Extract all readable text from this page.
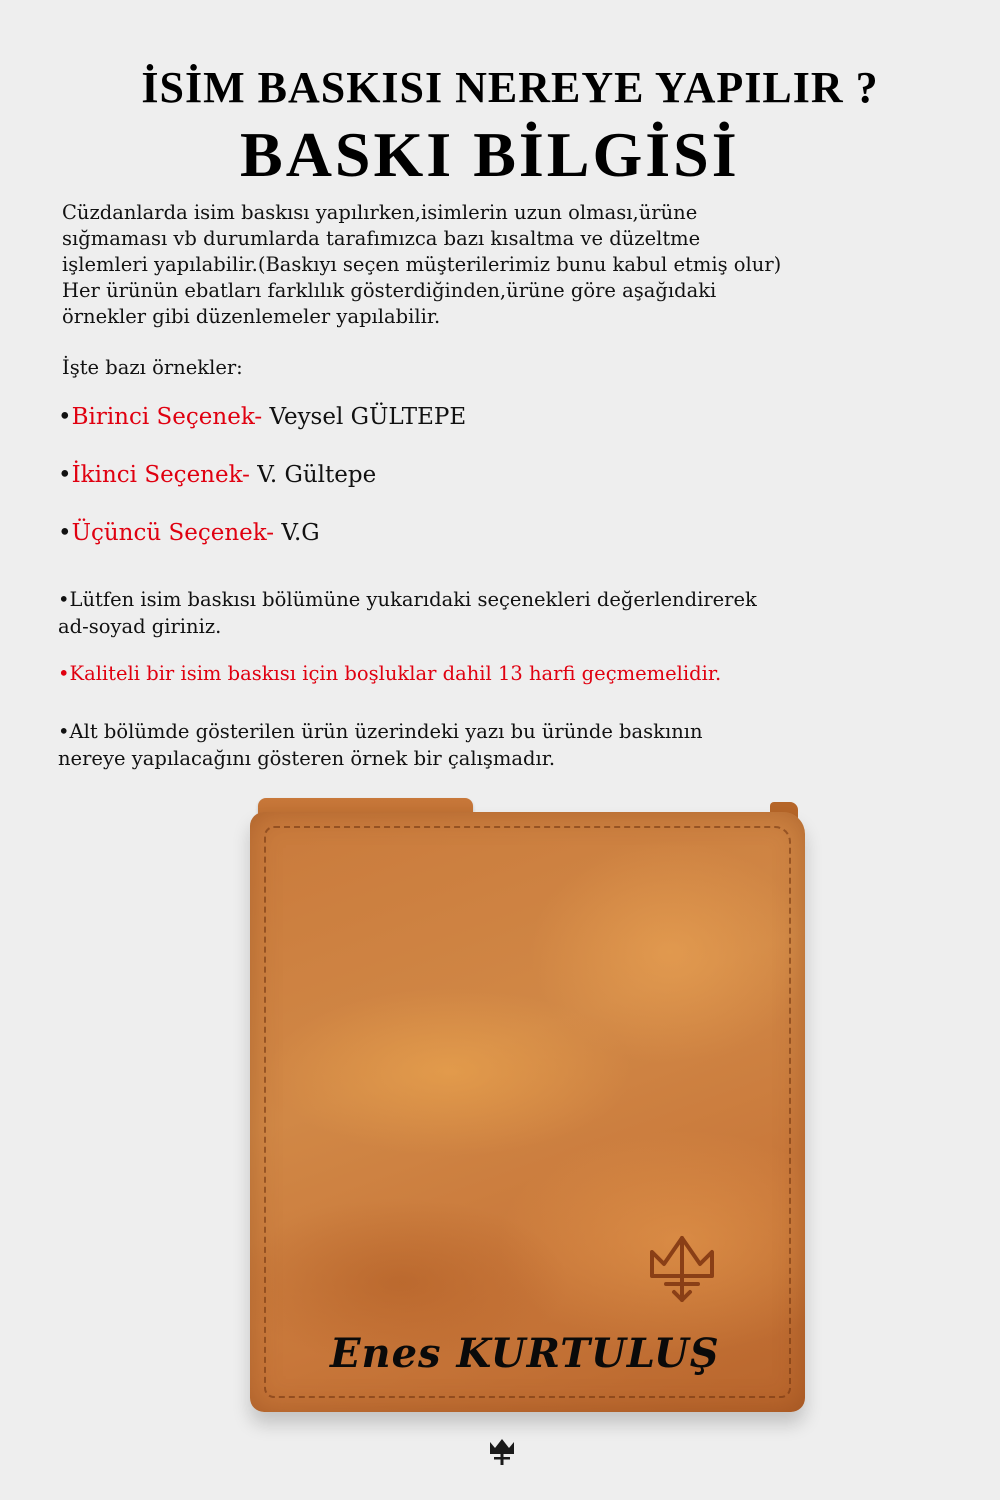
İSİM BASKISI NEREYE YAPILIR ?
BASKI BİLGİSİ

Cüzdanlarda isim baskısı yapılırken,isimlerin uzun olması,ürüne
sığmaması vb durumlarda tarafımızca bazı kısaltma ve düzeltme
işlemleri yapılabilir.(Baskıyı seçen müşterilerimiz bunu kabul etmiş olur)
Her ürünün ebatları farklılık gösterdiğinden,ürüne göre aşağıdaki
örnekler gibi düzenlemeler yapılabilir.

İşte bazı örnekler:

•Birinci Seçenek- Veysel GÜLTEPE

•İkinci Seçenek- V. Gültepe

•Üçüncü Seçenek- V.G

•Lütfen isim baskısı bölümüne yukarıdaki seçenekleri değerlendirerek
ad-soyad giriniz.

•Kaliteli bir isim baskısı için boşluklar dahil 13 harfi geçmemelidir.

•Alt bölümde gösterilen ürün üzerindeki yazı bu üründe baskının
nereye yapılacağını gösteren örnek bir çalışmadır.

Enes KURTULUŞ
